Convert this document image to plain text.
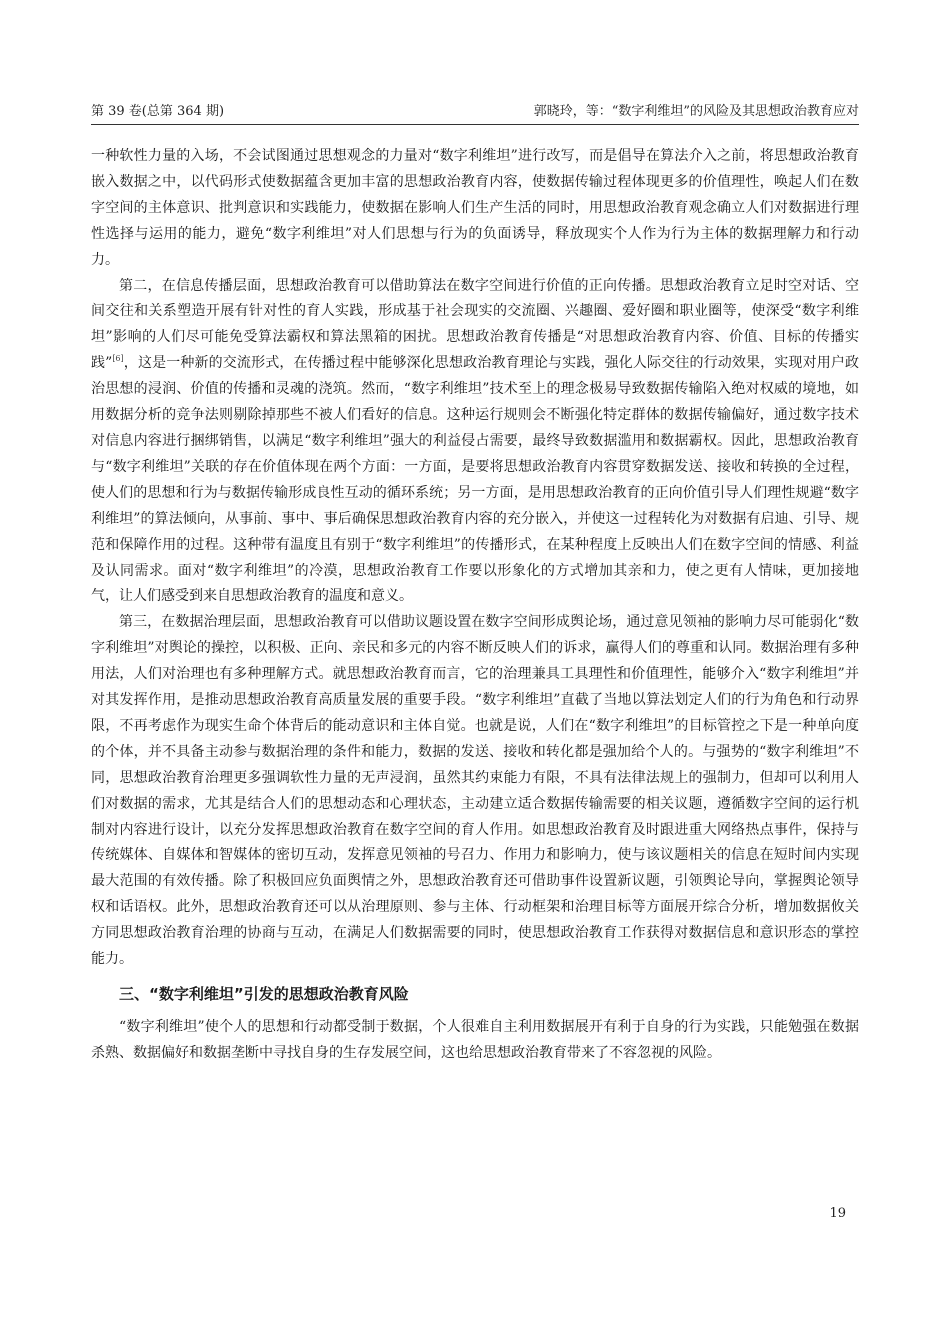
第 39 卷(总第 364 期)	郭晓玲，等：“数字利维坦”的风险及其思想政治教育应对

一种软性力量的入场，不会试图通过思想观念的力量对“数字利维坦”进行改写，而是倡导在算法介入之前，将思想政治教育嵌入数据之中，以代码形式使数据蕴含更加丰富的思想政治教育内容，使数据传输过程体现更多的价值理性，唤起人们在数字空间的主体意识、批判意识和实践能力，使数据在影响人们生产生活的同时，用思想政治教育观念确立人们对数据进行理性选择与运用的能力，避免“数字利维坦”对人们思想与行为的负面诱导，释放现实个人作为行为主体的数据理解力和行动力。

第二，在信息传播层面，思想政治教育可以借助算法在数字空间进行价值的正向传播。思想政治教育立足时空对话、空间交往和关系塑造开展有针对性的育人实践，形成基于社会现实的交流圈、兴趣圈、爱好圈和职业圈等，使深受“数字利维坦”影响的人们尽可能免受算法霸权和算法黑箱的困扰。思想政治教育传播是“对思想政治教育内容、价值、目标的传播实践”[6]，这是一种新的交流形式，在传播过程中能够深化思想政治教育理论与实践，强化人际交往的行动效果，实现对用户政治思想的浸润、价值的传播和灵魂的浇筑。然而，“数字利维坦”技术至上的理念极易导致数据传输陷入绝对权威的境地，如用数据分析的竞争法则剔除掉那些不被人们看好的信息。这种运行规则会不断强化特定群体的数据传输偏好，通过数字技术对信息内容进行捆绑销售，以满足“数字利维坦”强大的利益侵占需要，最终导致数据滥用和数据霸权。因此，思想政治教育与“数字利维坦”关联的存在价值体现在两个方面：一方面，是要将思想政治教育内容贯穿数据发送、接收和转换的全过程，使人们的思想和行为与数据传输形成良性互动的循环系统；另一方面，是用思想政治教育的正向价值引导人们理性规避“数字利维坦”的算法倾向，从事前、事中、事后确保思想政治教育内容的充分嵌入，并使这一过程转化为对数据有启迪、引导、规范和保障作用的过程。这种带有温度且有别于“数字利维坦”的传播形式，在某种程度上反映出人们在数字空间的情感、利益及认同需求。面对“数字利维坦”的冷漠，思想政治教育工作要以形象化的方式增加其亲和力，使之更有人情味，更加接地气，让人们感受到来自思想政治教育的温度和意义。

第三，在数据治理层面，思想政治教育可以借助议题设置在数字空间形成舆论场，通过意见领袖的影响力尽可能弱化“数字利维坦”对舆论的操控，以积极、正向、亲民和多元的内容不断反映人们的诉求，赢得人们的尊重和认同。数据治理有多种用法，人们对治理也有多种理解方式。就思想政治教育而言，它的治理兼具工具理性和价值理性，能够介入“数字利维坦”并对其发挥作用，是推动思想政治教育高质量发展的重要手段。“数字利维坦”直截了当地以算法划定人们的行为角色和行动界限，不再考虑作为现实生命个体背后的能动意识和主体自觉。也就是说，人们在“数字利维坦”的目标管控之下是一种单向度的个体，并不具备主动参与数据治理的条件和能力，数据的发送、接收和转化都是强加给个人的。与强势的“数字利维坦”不同，思想政治教育治理更多强调软性力量的无声浸润，虽然其约束能力有限，不具有法律法规上的强制力，但却可以利用人们对数据的需求，尤其是结合人们的思想动态和心理状态，主动建立适合数据传输需要的相关议题，遵循数字空间的运行机制对内容进行设计，以充分发挥思想政治教育在数字空间的育人作用。如思想政治教育及时跟进重大网络热点事件，保持与传统媒体、自媒体和智媒体的密切互动，发挥意见领袖的号召力、作用力和影响力，使与该议题相关的信息在短时间内实现最大范围的有效传播。除了积极回应负面舆情之外，思想政治教育还可借助事件设置新议题，引领舆论导向，掌握舆论领导权和话语权。此外，思想政治教育还可以从治理原则、参与主体、行动框架和治理目标等方面展开综合分析，增加数据攸关方同思想政治教育治理的协商与互动，在满足人们数据需要的同时，使思想政治教育工作获得对数据信息和意识形态的掌控能力。

三、“数字利维坦”引发的思想政治教育风险

“数字利维坦”使个人的思想和行动都受制于数据，个人很难自主利用数据展开有利于自身的行为实践，只能勉强在数据杀熟、数据偏好和数据垄断中寻找自身的生存发展空间，这也给思想政治教育带来了不容忽视的风险。

19
